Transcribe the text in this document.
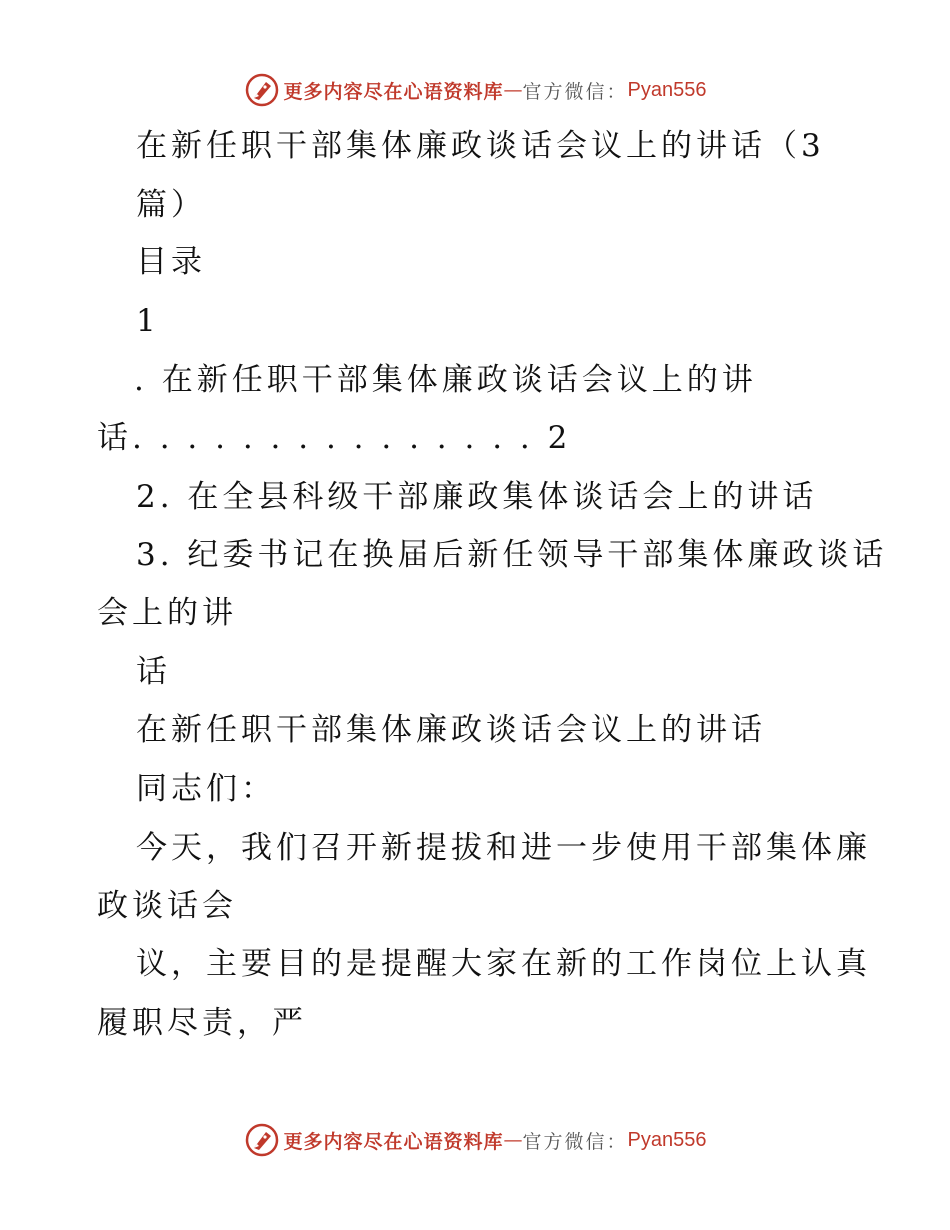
更多内容尽在心语资料库 — 官方微信： Pyan556
在新任职干部集体廉政谈话会议上的讲话（3
篇）
目录
1
. 在新任职干部集体廉政谈话会议上的讲
话. . . . . . . . . . . . . . . 2
2. 在全县科级干部廉政集体谈话会上的讲话
3. 纪委书记在换届后新任领导干部集体廉政谈话
会上的讲
话
在新任职干部集体廉政谈话会议上的讲话
同志们：
今天，我们召开新提拔和进一步使用干部集体廉
政谈话会
议，主要目的是提醒大家在新的工作岗位上认真
履职尽责，严
更多内容尽在心语资料库 — 官方微信： Pyan556
